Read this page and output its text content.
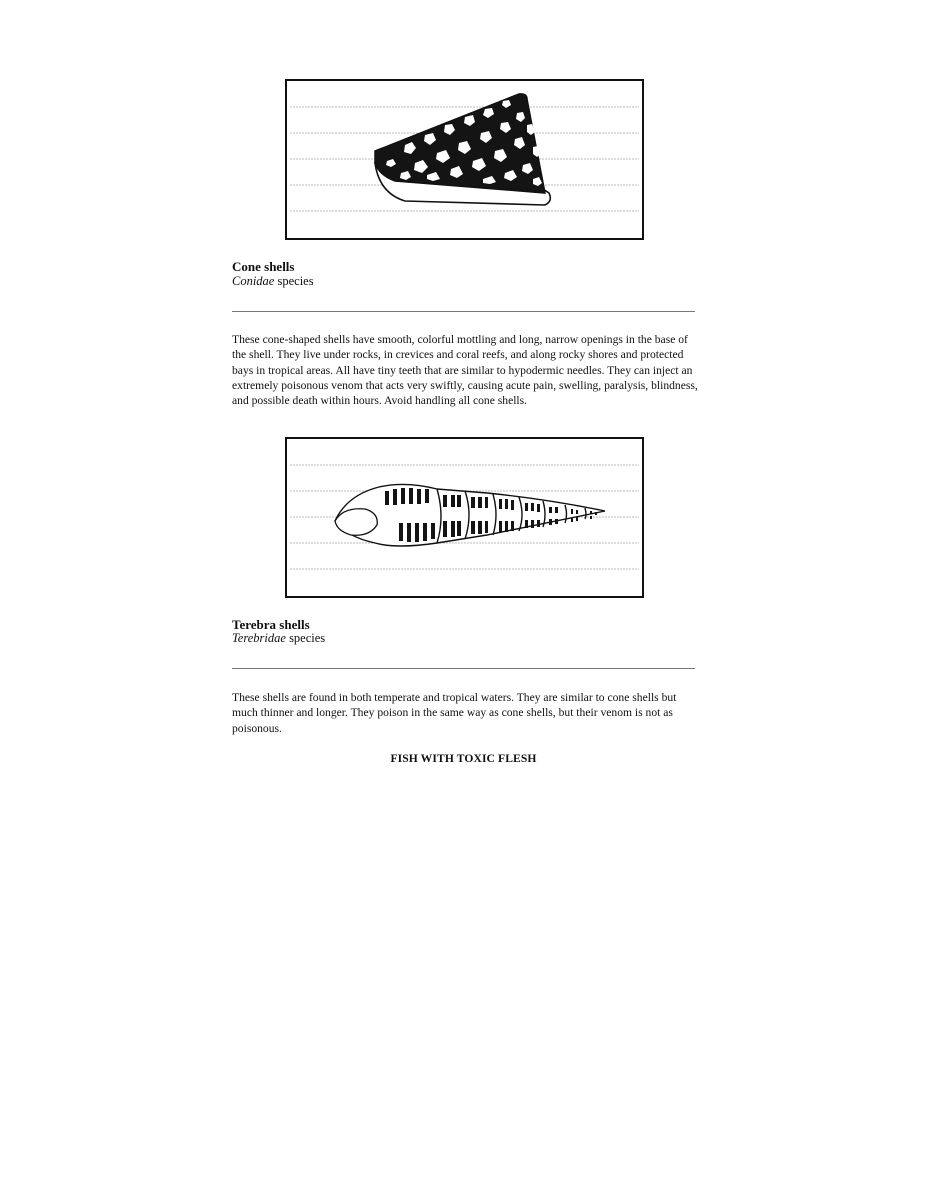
Cone shells
Conidae species
These cone-shaped shells have smooth, colorful mottling and long, narrow openings in the base of the shell. They live under rocks, in crevices and coral reefs, and along rocky shores and protected bays in tropical areas. All have tiny teeth that are similar to hypodermic needles. They can inject an extremely poisonous venom that acts very swiftly, causing acute pain, swelling, paralysis, blindness, and possible death within hours. Avoid handling all cone shells.
Terebra shells
Terebridae species
These shells are found in both temperate and tropical waters. They are similar to cone shells but much thinner and longer. They poison in the same way as cone shells, but their venom is not as poisonous.
FISH WITH TOXIC FLESH
